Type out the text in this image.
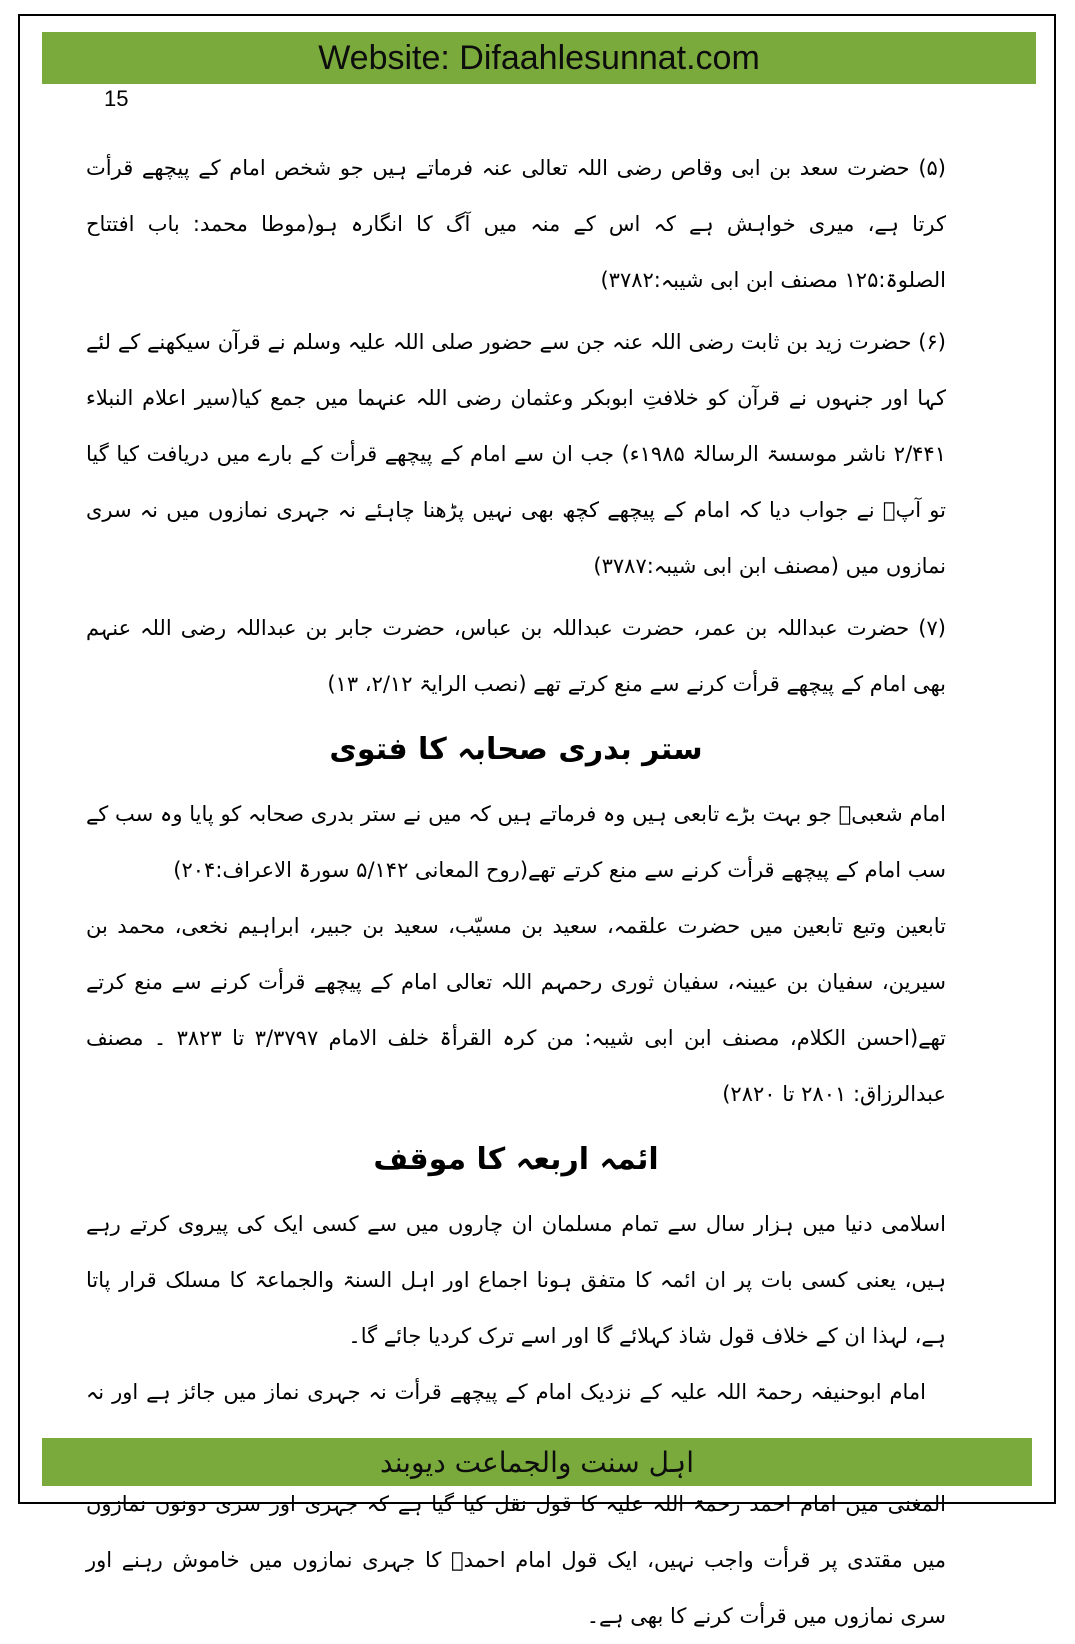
Website: Difaahlesunnat.com
15

(۵) حضرت سعد بن ابی وقاص رضی اللہ تعالی عنہ فرماتے ہیں جو شخص امام کے پیچھے قرأت کرتا ہے، میری خواہش ہے کہ اس کے منہ میں آگ کا انگارہ ہو(موطا محمد: باب افتتاح الصلوۃ:۱۲۵ مصنف ابن ابی شیبہ:۳۷۸۲)

(۶) حضرت زید بن ثابت رضی اللہ عنہ جن سے حضور صلی اللہ علیہ وسلم نے قرآن سیکھنے کے لئے کہا اور جنہوں نے قرآن کو خلافتِ ابوبکر وعثمان رضی اللہ عنہما میں جمع کیا(سیر اعلام النبلاء ۲/۴۴۱ ناشر موسسۃ الرسالۃ ۱۹۸۵ء) جب ان سے امام کے پیچھے قرأت کے بارے میں دریافت کیا گیا تو آپؓ نے جواب دیا کہ امام کے پیچھے کچھ بھی نہیں پڑھنا چاہئے نہ جہری نمازوں میں نہ سری نمازوں میں (مصنف ابن ابی شیبہ:۳۷۸۷)

(۷) حضرت عبداللہ بن عمر، حضرت عبداللہ بن عباس، حضرت جابر بن عبداللہ رضی اللہ عنہم بھی امام کے پیچھے قرأت کرنے سے منع کرتے تھے (نصب الرایۃ ۲/۱۲، ۱۳)

ستر بدری صحابہ کا فتوی

امام شعبیؒ جو بہت بڑے تابعی ہیں وہ فرماتے ہیں کہ میں نے ستر بدری صحابہ کو پایا وہ سب کے سب امام کے پیچھے قرأت کرنے سے منع کرتے تھے(روح المعانی ۵/۱۴۲ سورۃ الاعراف:۲۰۴)

تابعین وتبع تابعین میں حضرت علقمہ، سعید بن مسیّب، سعید بن جبیر، ابراہیم نخعی، محمد بن سیرین، سفیان بن عیینہ، سفیان ثوری رحمہم اللہ تعالی امام کے پیچھے قرأت کرنے سے منع کرتے تھے(احسن الکلام، مصنف ابن ابی شیبہ: من کرہ القرأۃ خلف الامام ۳/۳۷۹۷ تا ۳۸۲۳ ۔ مصنف عبدالرزاق: ۲۸۰۱ تا ۲۸۲۰)

ائمہ اربعہ کا موقف

اسلامی دنیا میں ہزار سال سے تمام مسلمان ان چاروں میں سے کسی ایک کی پیروی کرتے رہے ہیں، یعنی کسی بات پر ان ائمہ کا متفق ہونا اجماع اور اہل السنۃ والجماعۃ کا مسلک قرار پاتا ہے، لہذا ان کے خلاف قول شاذ کہلائے گا اور اسے ترک کردیا جائے گا۔

امام ابوحنیفہ رحمۃ اللہ علیہ کے نزدیک امام کے پیچھے قرأت نہ جہری نماز میں جائز ہے اور نہ

المغنی میں امام احمد رحمۃ اللہ علیہ کا قول نقل کیا گیا ہے کہ جہری اور سری دونوں نمازوں میں مقتدی پر قرأت واجب نہیں، ایک قول امام احمدؒ کا جہری نمازوں میں خاموش رہنے اور سری نمازوں میں قرأت کرنے کا بھی ہے۔

اہل سنت والجماعت دیوبند
